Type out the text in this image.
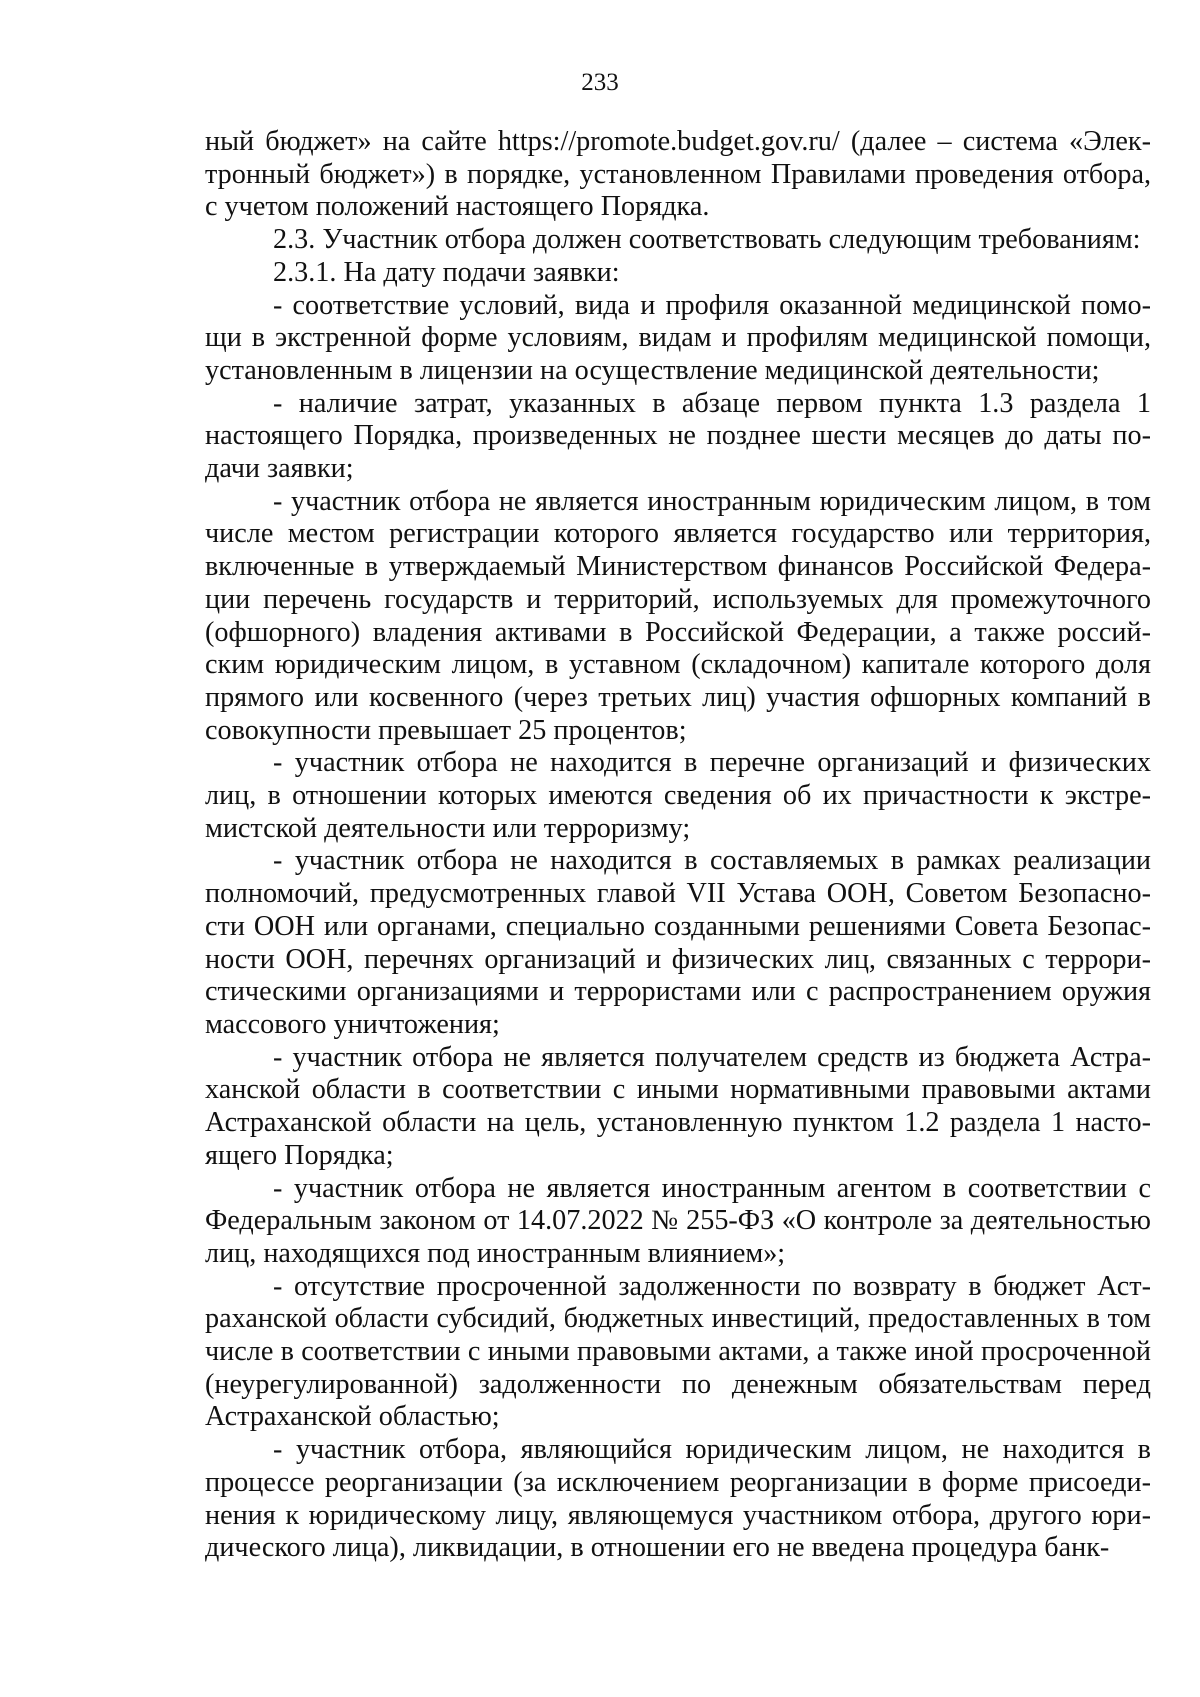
233

ный бюджет» на сайте https://promote.budget.gov.ru/ (далее – система «Электронный бюджет») в порядке, установленном Правилами проведения отбора, с учетом положений настоящего Порядка.

2.3. Участник отбора должен соответствовать следующим требованиям:

2.3.1. На дату подачи заявки:

- соответствие условий, вида и профиля оказанной медицинской помощи в экстренной форме условиям, видам и профилям медицинской помощи, установленным в лицензии на осуществление медицинской деятельности;

- наличие затрат, указанных в абзаце первом пункта 1.3 раздела 1 настоящего Порядка, произведенных не позднее шести месяцев до даты подачи заявки;

- участник отбора не является иностранным юридическим лицом, в том числе местом регистрации которого является государство или территория, включенные в утверждаемый Министерством финансов Российской Федерации перечень государств и территорий, используемых для промежуточного (офшорного) владения активами в Российской Федерации, а также российским юридическим лицом, в уставном (складочном) капитале которого доля прямого или косвенного (через третьих лиц) участия офшорных компаний в совокупности превышает 25 процентов;

- участник отбора не находится в перечне организаций и физических лиц, в отношении которых имеются сведения об их причастности к экстремистской деятельности или терроризму;

- участник отбора не находится в составляемых в рамках реализации полномочий, предусмотренных главой VII Устава ООН, Советом Безопасности ООН или органами, специально созданными решениями Совета Безопасности ООН, перечнях организаций и физических лиц, связанных с террористическими организациями и террористами или с распространением оружия массового уничтожения;

- участник отбора не является получателем средств из бюджета Астраханской области в соответствии с иными нормативными правовыми актами Астраханской области на цель, установленную пунктом 1.2 раздела 1 настоящего Порядка;

- участник отбора не является иностранным агентом в соответствии с Федеральным законом от 14.07.2022 № 255-ФЗ «О контроле за деятельностью лиц, находящихся под иностранным влиянием»;

- отсутствие просроченной задолженности по возврату в бюджет Астраханской области субсидий, бюджетных инвестиций, предоставленных в том числе в соответствии с иными правовыми актами, а также иной просроченной (неурегулированной) задолженности по денежным обязательствам перед Астраханской областью;

- участник отбора, являющийся юридическим лицом, не находится в процессе реорганизации (за исключением реорганизации в форме присоединения к юридическому лицу, являющемуся участником отбора, другого юридического лица), ликвидации, в отношении его не введена процедура банк-
